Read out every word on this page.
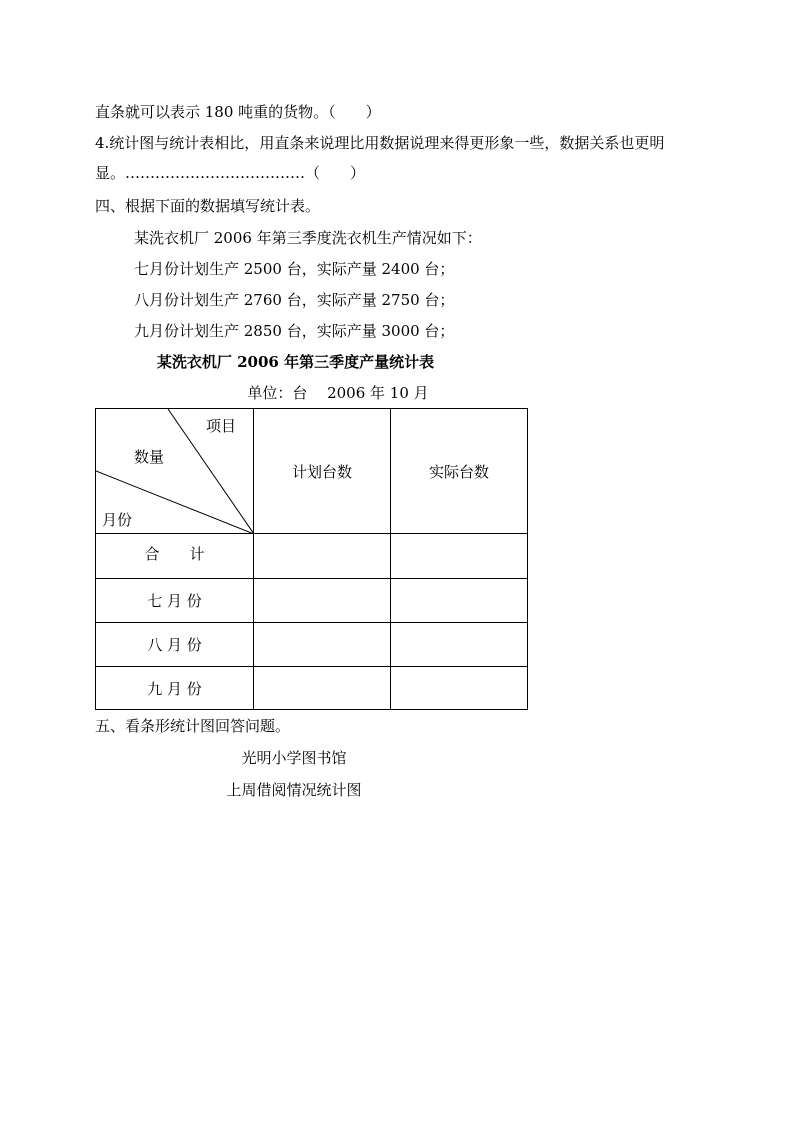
直条就可以表示 180 吨重的货物。（　　）
4.统计图与统计表相比，用直条来说理比用数据说理来得更形象一些，数据关系也更明
显。………………………………（　　）
四、根据下面的数据填写统计表。
某洗衣机厂 2006 年第三季度洗衣机生产情况如下：
七月份计划生产 2500 台，实际产量 2400 台；
八月份计划生产 2760 台，实际产量 2750 台；
九月份计划生产 2850 台，实际产量 3000 台；
某洗衣机厂 2006 年第三季度产量统计表
单位：台　 2006 年 10 月
项目
数量
月份	计划台数	实际台数
合　　计		
七 月 份		
八 月 份		
九 月 份		
五、看条形统计图回答问题。
光明小学图书馆
上周借阅情况统计图
